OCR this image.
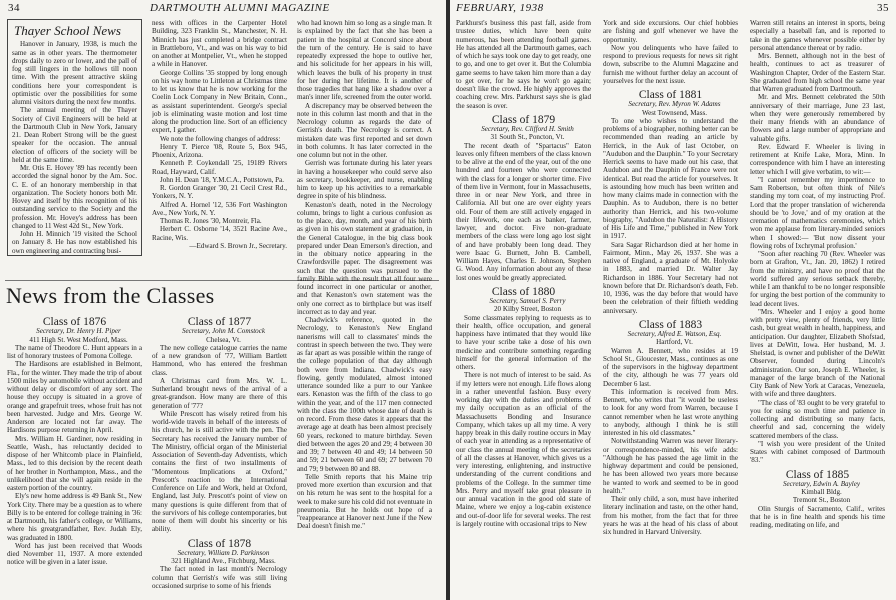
34	DARTMOUTH ALUMNI MAGAZINE
Thayer School News

Hanover in January, 1938, is much the same as in other years. The thermometer drops daily to zero or lower, and the pall of fog still lingers in the hollows till noon time. With the present attractive skiing conditions here your correspondent is optimistic over the possibilities for some alumni visitors during the next few months.

The annual meeting of the Thayer Society of Civil Engineers will be held at the Dartmouth Club in New York, January 21. Dean Robert Strong will be the guest speaker for the occasion. The annual election of officers of the society will be held at the same time.

Mr. Otis E. Hovey '89 has recently been accorded the signal honor by the Am. Soc. C. E. of an honorary membership in that organization. The Society honors both Mr. Hovey and itself by this recognition of his outstanding service to the Society and the profession. Mr. Hovey's address has been changed to 11 West 42d St., New York.

John H. Minnich '19 visited the School on January 8. He has now established his own engineering and contracting busi-

ness with offices in the Carpenter Hotel Building, 323 Franklin St., Manchester, N. H. Minnich has just completed a bridge contract in Brattleboro, Vt., and was on his way to bid on another at Montpelier, Vt., when he stopped a while in Hanover.

George Collins '35 stopped by long enough on his way home to Littleton at Christmas time to let us know that he is now working for the Coelin Lock Company in New Britain, Conn., as assistant superintendent. George's special job is eliminating waste motion and lost time along the production line. Sort of an efficiency expert, I gather.

We note the following changes of address:

Henry T. Pierce '08, Route 5, Box 945, Phoenix, Arizona.

Kenneth P. Coykendall '25, 19189 Rivers Road, Hayward, Calif.

John H. Dean '18, Y.M.C.A., Pottstown, Pa.

R. Gordon Granger '30, 21 Cecil Crest Rd., Yonkers, N. Y.

Alfred A. Hornel '12, 536 Fort Washington Ave., New York, N. Y.

Thomas R. Jones '30, Montreir, Fla.

Herbert C. Osborne '14, 3521 Racine Ave., Racine, Wis.

—Edward S. Brown Jr., Secretary.

News from the Classes
Class of 1876

Secretary, Dr. Henry H. Piper

411 High St. West Medford, Mass.

The name of Theodore C. Hunt appears in a list of honorary trustees of Pomona College.

The Hardisons are established in Belmont, Fla., for the winter. They made the trip of about 1500 miles by automobile without accident and without delay or discomfort of any sort. The house they occupy is situated in a grove of orange and grapefruit trees, whose fruit has not been harvested. Judge and Mrs. George W. Anderson are located not far away. The Hardisons purpose returning in April.

Mrs. William H. Gardiner, now residing in Seattle, Wash., has reluctantly decided to dispose of her Whitcomb place in Plainfield, Mass., led to this decision by the recent death of her brother in Northampton, Mass., and the unlikelihood that she will again reside in the eastern portion of the country.

Ely's new home address is 49 Bank St., New York City. There may be a question as to where Billy is to be entered for college training in '36: at Dartmouth, his father's college, or Williams, where his greatgrandfather, Rev. Judah Ely, was graduated in 1800.

Word has just been received that Woods died November 11, 1937. A more extended notice will be given in a later issue.

Class of 1877

Secretary, John M. Comstock

Chelsea, Vt.

The new college catalogue carries the name of a new grandson of '77, William Bartlett Hammond, who has entered the freshman class.

A Christmas card from Mrs. W. L. Sutherland brought news of the arrival of a great-grandson. How many are there of this generation of '77?

While Prescott has wisely retired from his world-wide travels in behalf of the interests of his church, he is still active with the pen. The Secretary has received the January number of The Ministry, official organ of the Ministerial Association of Seventh-day Adventists, which contains the first of two installments of "Momentous Implications at Oxford," Prescott's reaction to the International Conference on Life and Work, held at Oxford, England, last July. Prescott's point of view on many questions is quite different from that of the survivors of his college contemporaries, but none of them will doubt his sincerity or his ability.

Class of 1878

Secretary, William D. Parkinson

321 Highland Ave., Fitchburg, Mass.

The fact noted in last month's Necrology column that Gerrish's wife was still living occasioned surprise to some of his friends

who had known him so long as a single man. It is explained by the fact that she has been a patient in the hospital at Concord since about the turn of the century. He is said to have repeatedly expressed the hope to outlive her, and his solicitude for her appears in his will, which leaves the bulk of his property in trust for her during her lifetime. It is another of those tragedies that hang like a shadow over a man's inner life, screened from the outer world.

A discrepancy may be observed between the note in this column last month and that in the Necrology column as regards the date of Gerrish's death. The Necrology is correct. A mistaken date was first reported and set down in both columns. It has later corrected in the one column but not in the other.

Gerrish was fortunate during his later years in having a housekeeper who could serve also as secretary, bookkeeper, and nurse, enabling him to keep up his activities to a remarkable degree in spite of his blindness.

Kenaston's death, noted in the Necrology column, brings to light a curious confusion as to the place, day, month, and year of his birth as given in his own statement at graduation, in the General Catalogue, in the big class book prepared under Dean Emerson's direction, and in the obituary notice appearing in the Crawfordsville paper. The disagreement was such that the question was pursued to the family Bible with the result that all four were found incorrect in one particular or another, and that Kenaston's own statement was the only one correct as to birthplace but was itself incorrect as to day and year.

Chadwick's reference, quoted in the Necrology, to Kenaston's New England nanerisms will call to classmates' minds the contrast in speech between the two. They were as far apart as was possible within the range of the college population of that day although both were from Indiana. Chadwick's easy flowing, gently modulated, almost intoned utterance sounded like a purr to our Yankee ears. Kenaston was the fifth of the class to go within the year, and of the 117 men connected with the class the 100th whose date of death is on record. From these dates it appears that the average age at death has been almost precisely 60 years, reckoned to mature birthday. Seven died between the ages 20 and 29; 4 between 30 and 39; 7 between 40 and 49; 14 between 50 and 59; 21 between 60 and 69; 27 between 70 and 79; 9 between 80 and 88.

Telle Smith reports that his Maine trip proved more exertion than excursion and that on his return he was sent to the hospital for a week to make sure his cold did not eventuate in pneumonia. But he holds out hope of a "reappearance at Hanover next June if the New Deal doesn't finish me."

FEBRUARY, 1938	35

Parkhurst's business this past fall, aside from trustee duties, which have been quite numerous, has been attending football games. He has attended all the Dartmouth games, each of which he says took one day to get ready, one to go, and one to get over it. But the Columbia game seems to have taken him more than a day to get over, for he says he won't go again; doesn't like the crowd. He highly approves the coaching crew. Mrs. Parkhurst says she is glad the season is over.

Class of 1879

Secretary, Rev. Clifford H. Smith

31 South St., Poncton, Vt.

The recent death of "Spartacus" Eaton leaves only fifteen members of the class known to be alive at the end of the year, out of the one hundred and fourteen who were connected with the class for a longer or shorter time. Five of them live in Vermont, four in Massachusetts, three in or near New York, and three in California. All but one are over eighty years old. Four of them are still actively engaged in their lifework, one each as banker, farmer, lawyer, and doctor. Five non-graduate members of the class were long ago lost sight of and have probably been long dead. They were Isaac G. Burnett, John B. Cambell, William Hayes, Charles E. Johnson, Stephen G. Wood. Any information about any of these lost ones would be greatly appreciated.

Class of 1880

Secretary, Samuel S. Perry

20 Kilby Street, Boston

Some classmates replying to requests as to their health, office occupation, and general happiness have intimated that they would like to have your scribe take a dose of his own medicine and contribute something regarding himself for the general information of the others.

There is not much of interest to be said. As if my letters were not enough. Life flows along in a rather uneventful fashion. Busy every working day with the duties and problems of my daily occupation as an official of the Massachusetts Bonding and Insurance Company, which takes up all my time. A very happy break in this daily routine occurs in May of each year in attending as a representative of our class the annual meeting of the secretaries of all the classes at Hanover, which gives us a very interesting, enlightening, and instructive understanding of the current conditions and problems of the College. In the summer time Mrs. Perry and myself take great pleasure in our annual vacation in the good old state of Maine, where we enjoy a log-cabin existence and out-of-door life for several weeks. The rest is largely routine with occasional trips to New

York and side excursions. Our chief hobbies are fishing and golf whenever we have the opportunity.

Now you delinquents who have failed to respond to previous requests for news sit right down, subscribe to the Alumni Magazine and furnish me without further delay an account of yourselves for the next issue.

Class of 1881

Secretary, Rev. Myron W. Adams

West Townsend, Mass.

To one who wishes to understand the problems of a biographer, nothing better can be recommended than reading an article by Herrick, in the Auk of last October, on "Audubon and the Dauphin." To your Secretary Herrick seems to have made out his case, that Audubon and the Dauphin of France were not identical. But read the article for yourselves. It is astounding how much has been written and how many claims made in connection with the Dauphin. As to Audubon, there is no better authority than Herrick, and his two-volume biography, "Audubon the Naturalist: A History of His Life and Time," published in New York in 1917.

Sara Sagar Richardson died at her home in Fairmont, Minn., May 26, 1937. She was a native of England, a graduate of Mt. Holyoke in 1883, and married Dr. Walter Jay Richardson in 1886. Your Secretary had not known before that Dr. Richardson's death, Feb. 10, 1936, was the day before that would have been the celebration of their fiftieth wedding anniversary.

Class of 1883

Secretary, Alfred E. Watson, Esq.

Hartford, Vt.

Warren A. Bennett, who resides at 19 School St., Gloucester, Mass., continues as one of the supervisors in the highway department of the city, although he was 77 years old December 6 last.

This information is received from Mrs. Bennett, who writes that "it would be useless to look for any word from Warren, because I cannot remember when he last wrote anything to anybody, although I think he is still interested in his old classmates."

Notwithstanding Warren was never literary- or correspondence-minded, his wife adds: "Although he has passed the age limit in the highway department and could be pensioned, he has been allowed two years more because he wanted to work and seemed to be in good health."

Their only child, a son, must have inherited literary inclination and taste, on the other hand, from his mother, from the fact that for three years he was at the head of his class of about six hundred in Harvard University.

Warren still retains an interest in sports, being especially a baseball fan, and is reported to take in the games whenever possible either by personal attendance thereat or by radio.

Mrs. Bennett, although not in the best of health, continues to act as treasurer of Washington Chapter, Order of the Eastern Star. She graduated from high school the same year that Warren graduated from Dartmouth.

Mr. and Mrs. Bennett celebrated the 50th anniversary of their marriage, June 23 last, when they were generously remembered by their many friends with an abundance of flowers and a large number of appropriate and valuable gifts.

Rev. Edward F. Wheeler is living in retirement at Knife Lake, Mora, Minn. In correspondence with him I have an interesting letter which I will give verbatim, to wit:—

"I cannot remember my impertinence to Sam Robertson, but often think of Nile's standing my torn coat, of my instructing Prof. Lord that the proper translation of wicherenda should be 'to Jove,' and of my oration at the cremation of mathematics ceremonies, which won me applause from literary-minded seniors when I showed:— 'But now dissent your flowing robs of Ixchrymal profusion.'

"Soon after reaching 70 (Rev. Wheeler was born at Grafton, Vt., Jan. 20, 1862) I retired from the ministry, and have no proof that the world suffered any serious setback thereby, while I am thankful to be no longer responsible for urging the best portion of the community to lead decent lives.

"Mrs. Wheeler and I enjoy a good home with pretty view, plenty of friends, very little cash, but great wealth in health, happiness, and anticipation. Our daughter, Elizabeth Shofstad, lives at DeWitt, Iowa. Her husband, M. J. Shelstad, is owner and publisher of the DeWitt Observer, founded during Lincoln's administration. Our son, Joseph E. Wheeler, is manager of the large branch of the National City Bank of New York at Caracas, Venezuela, with wife and three daughters.

"The class of '83 ought to be very grateful to you for using so much time and patience in collecting and distributing so many facts, cheerful and sad, concerning the widely scattered members of the class.

"I wish you were president of the United States with cabinet composed of Dartmouth '83."

Class of 1885

Secretary, Edwin A. Bayley

Kimball Bldg.

Tremont St., Boston

Olin Sturgis of Sacramento, Calif., writes that he is in fine health and spends his time reading, meditating on life, and
